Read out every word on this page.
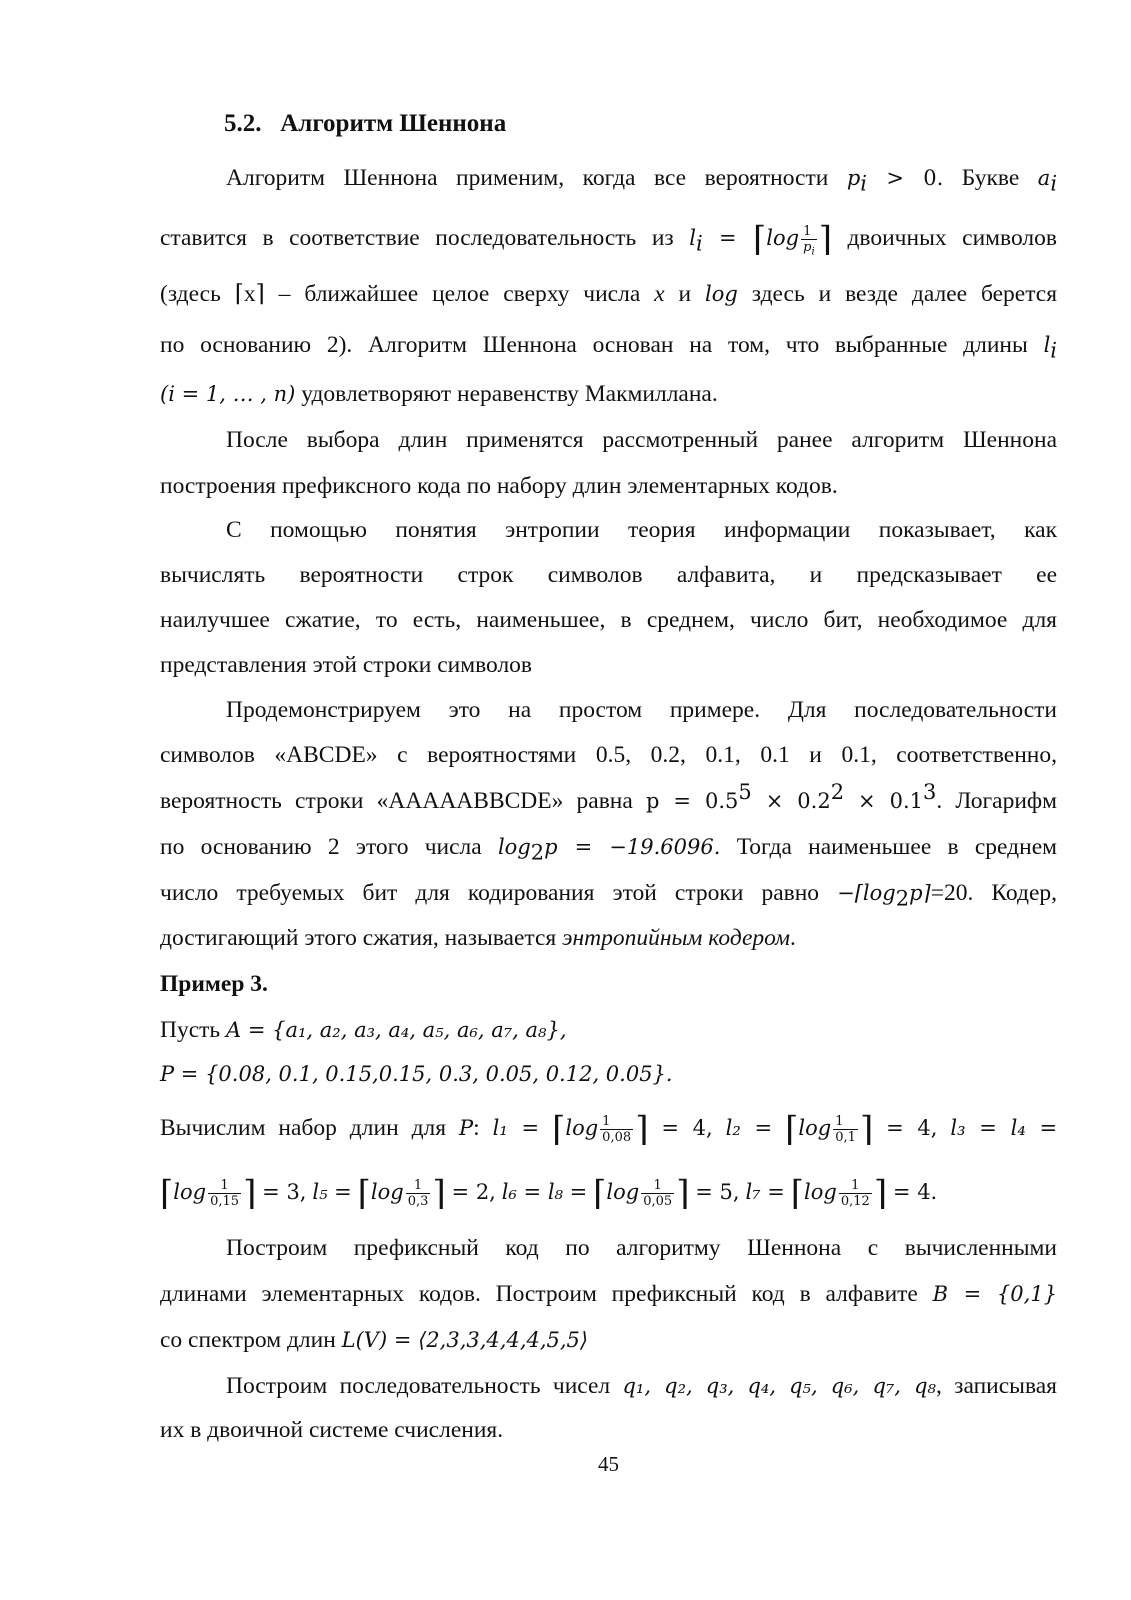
5.2. Алгоритм Шеннона
Алгоритм Шеннона применим, когда все вероятности $p_i > 0$. Букве $a_i$
ставится в соответствие последовательность из $l_i$ = ⌈log $\frac{1}{p_i}$ ⌉ двоичных символов
(здесь ⌈x⌉ – ближайшее целое сверху числа x и log здесь и везде далее берется
по основанию 2). Алгоритм Шеннона основан на том, что выбранные длины $l_i$
(i = 1, … , n) удовлетворяют неравенству Макмиллана.
После выбора длин применятся рассмотренный ранее алгоритм Шеннона
построения префиксного кода по набору длин элементарных кодов.
С помощью понятия энтропии теория информации показывает, как
вычислять вероятности строк символов алфавита, и предсказывает ее
наилучшее сжатие, то есть, наименьшее, в среднем, число бит, необходимое для
представления этой строки символов
Продемонстрируем это на простом примере. Для последовательности
символов «ABCDE» с вероятностями 0.5, 0.2, 0.1, 0.1 и 0.1, соответственно,
вероятность строки «AAAAABBCDE» равна $p = 0.5^5 \times 0.2^2 \times 0.1^3$. Логарифм
по основанию 2 этого числа $\log_2p = -19.6096$. Тогда наименьшее в среднем
число требуемых бит для кодирования этой строки равно $-⌈\log_2p⌉=20$. Кодер,
достигающий этого сжатия, называется энтропийным кодером.
Пример 3.
Пусть A = {a₁, a₂, a₃, a₄, a₅, a₆, a₇, a₈},
P = {0.08, 0.1, 0.15,0.15, 0.3, 0.05, 0.12, 0.05}.
Вычислим набор длин для P: l₁ = ⌈log $\frac{1}{0,08}$ ⌉ = 4, l₂ = ⌈log $\frac{1}{0,1}$ ⌉ = 4, l₃ = l₄ =
⌈log $\frac{1}{0,15}$ ⌉ = 3, l₅ = ⌈log $\frac{1}{0,3}$ ⌉ = 2, l₆ = l₈ = ⌈log $\frac{1}{0,05}$ ⌉ = 5, l₇ = ⌈log $\frac{1}{0,12}$ ⌉ = 4.
Построим префиксный код по алгоритму Шеннона с вычисленными
длинами элементарных кодов. Построим префиксный код в алфавите B = {0,1}
со спектром длин L(V) = ⟨2,3,3,4,4,4,5,5⟩
Построим последовательность чисел q₁, q₂, q₃, q₄, q₅, q₆, q₇, q₈, записывая
их в двоичной системе счисления.
45
